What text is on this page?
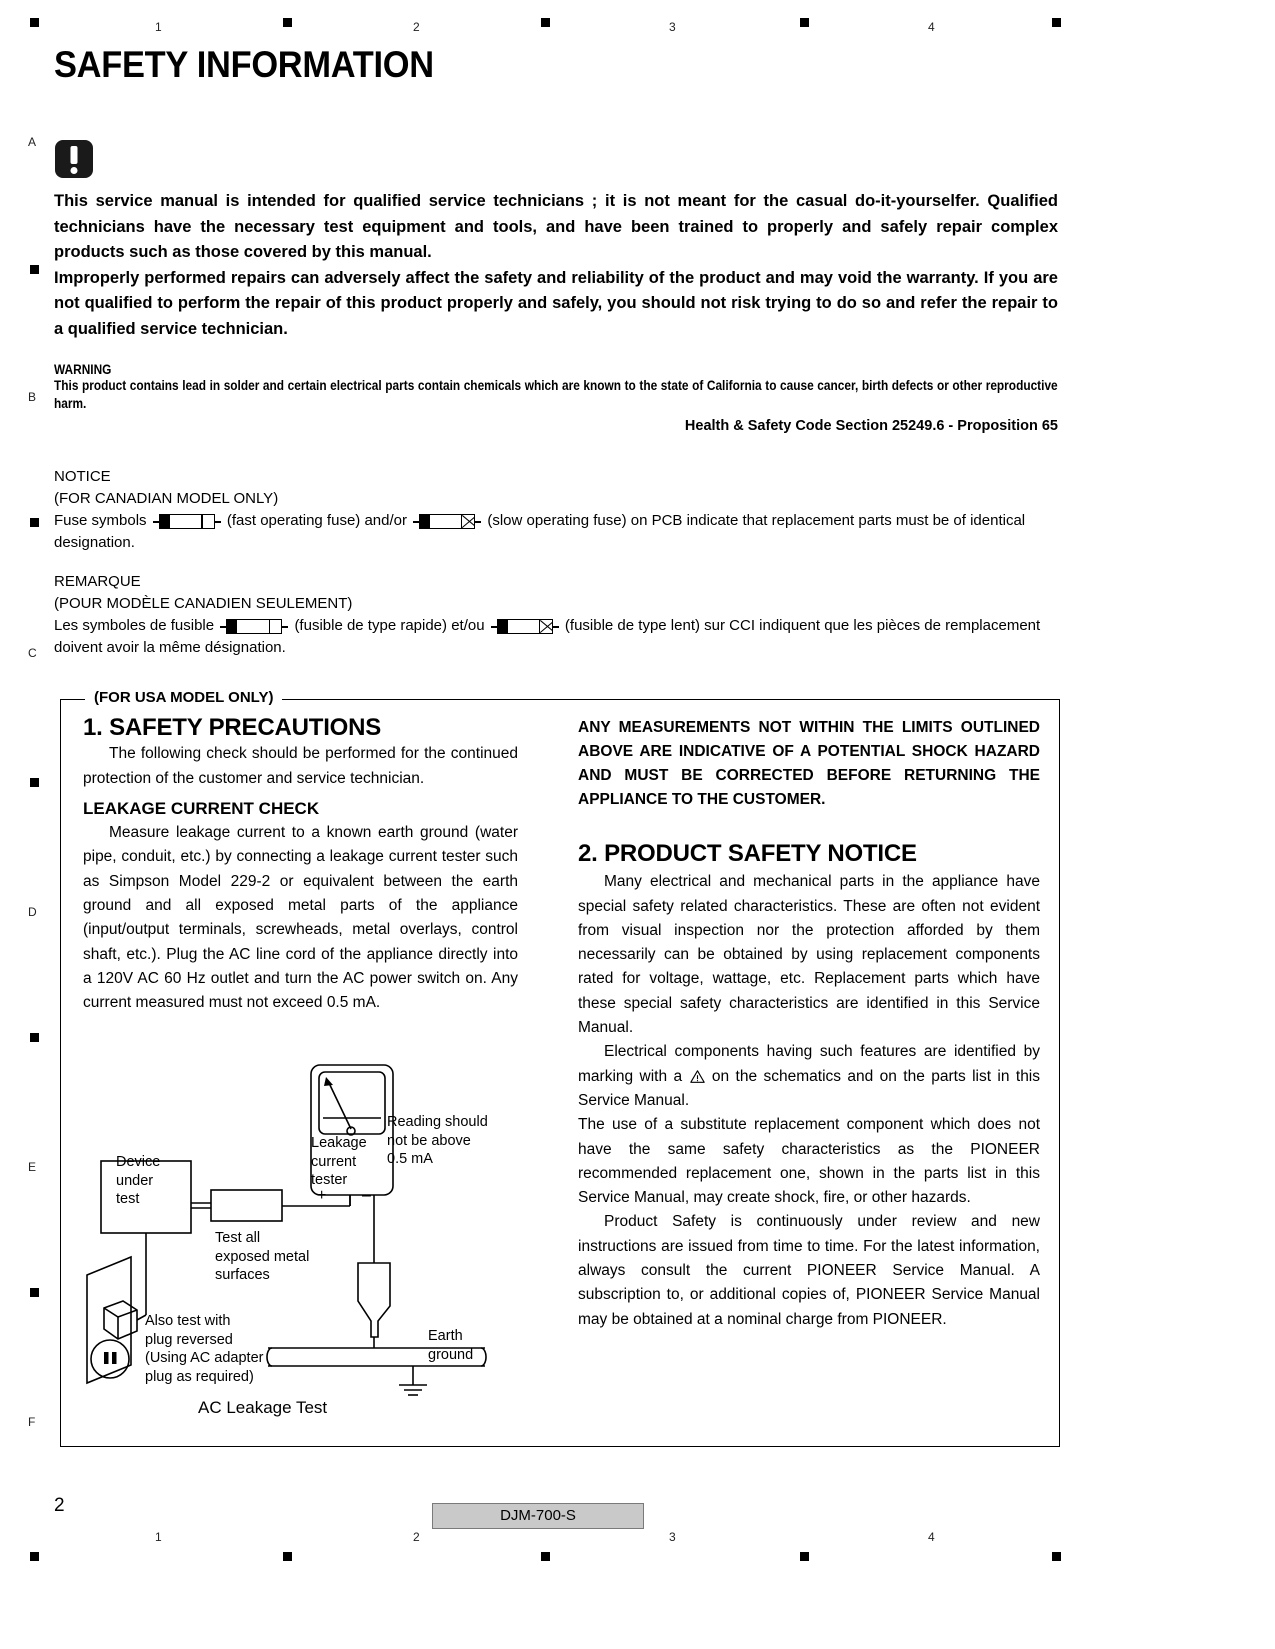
1	2	3	4
1	2	3	4
A
B
C
D
E
F
SAFETY INFORMATION

This service manual is intended for qualified service technicians ; it is not meant for the casual do-it-yourselfer. Qualified technicians have the necessary test equipment and tools, and have been trained to properly and safely repair complex products such as those covered by this manual.

Improperly performed repairs can adversely affect the safety and reliability of the product and may void the warranty. If you are not qualified to perform the repair of this product properly and safely, you should not risk trying to do so and refer the repair to a qualified service technician.

WARNING
This product contains lead in solder and certain electrical parts contain chemicals which are known to the state of California to cause cancer, birth defects or other reproductive harm.
Health & Safety Code Section 25249.6 - Proposition 65
NOTICE
(FOR CANADIAN MODEL ONLY)
Fuse symbols	(fast operating fuse) and/or	(slow operating fuse) on PCB indicate that replacement parts must be of identical designation.
REMARQUE
(POUR MODÈLE CANADIEN SEULEMENT)
Les symboles de fusible	(fusible de type rapide) et/ou	(fusible de type lent) sur CCI indiquent que les pièces de remplacement doivent avoir la même désignation.
(FOR USA MODEL ONLY)
1. SAFETY PRECAUTIONS

The following check should be performed for the continued protection of the customer and service technician.

LEAKAGE CURRENT CHECK

Measure leakage current to a known earth ground (water pipe, conduit, etc.) by connecting a leakage current tester such as Simpson Model 229-2 or equivalent between the earth ground and all exposed metal parts of the appliance (input/output terminals, screwheads, metal overlays, control shaft, etc.). Plug the AC line cord of the appliance directly into a 120V AC 60 Hz outlet and turn the AC power switch on. Any current measured must not exceed 0.5 mA.

ANY MEASUREMENTS NOT WITHIN THE LIMITS OUTLINED ABOVE ARE INDICATIVE OF A POTENTIAL SHOCK HAZARD AND MUST BE CORRECTED BEFORE RETURNING THE APPLIANCE TO THE CUSTOMER.

2. PRODUCT SAFETY NOTICE

Many electrical and mechanical parts in the appliance have special safety related characteristics. These are often not evident from visual inspection nor the protection afforded by them necessarily can be obtained by using replacement components rated for voltage, wattage, etc. Replacement parts which have these special safety characteristics are identified in this Service Manual.

Electrical components having such features are identified by marking with a on the schematics and on the parts list in this Service Manual.

The use of a substitute replacement component which does not have the same safety characteristics as the PIONEER recommended replacement one, shown in the parts list in this Service Manual, may create shock, fire, or other hazards.

Product Safety is continuously under review and new instructions are issued from time to time. For the latest information, always consult the current PIONEER Service Manual. A subscription to, or additional copies of, PIONEER Service Manual may be obtained at a nominal charge from PIONEER.

Device
under
test
Leakage
current
tester
Reading should
not be above
0.5 mA
+ –
Test all
exposed metal
surfaces
Also test with
plug reversed
(Using AC adapter
plug as required)
Earth
ground
AC Leakage Test
2	DJM-700-S
